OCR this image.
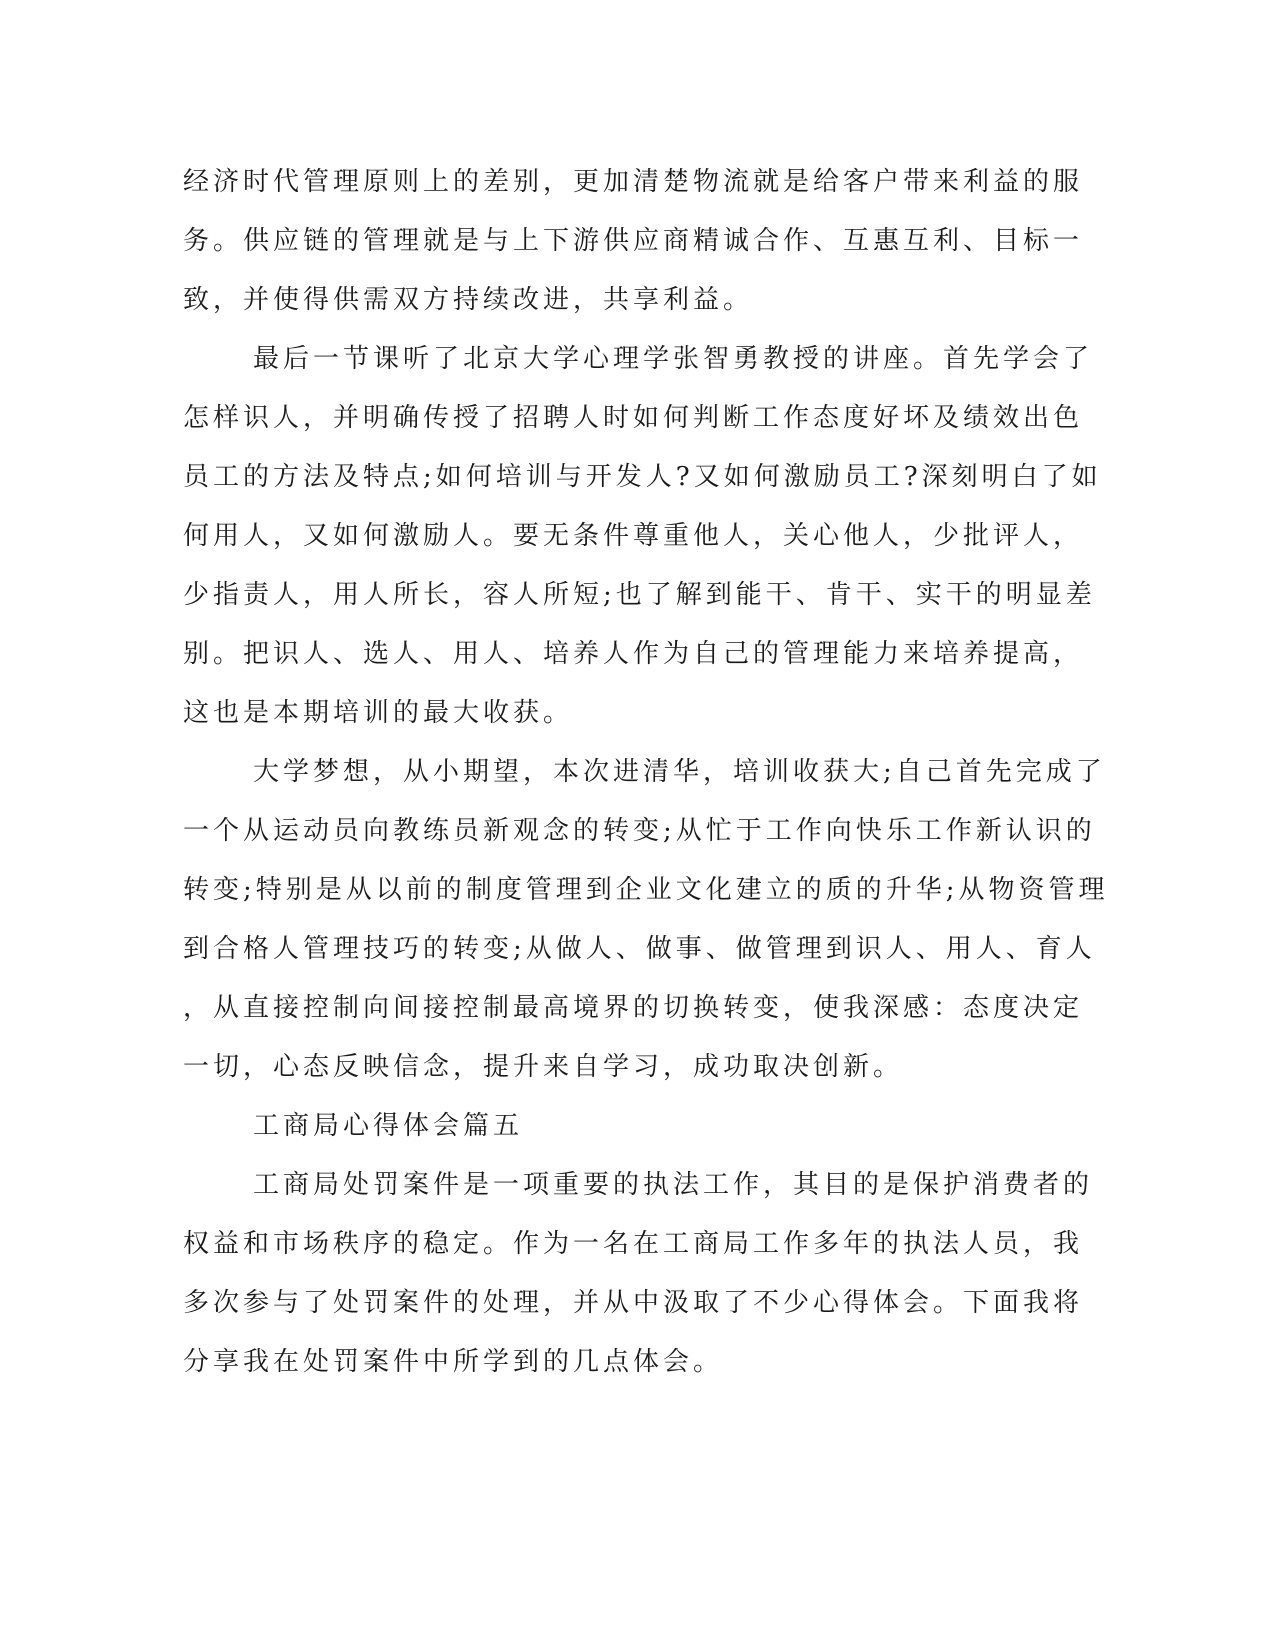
经济时代管理原则上的差别，更加清楚物流就是给客户带来利益的服
务。供应链的管理就是与上下游供应商精诚合作、互惠互利、目标一
致，并使得供需双方持续改进，共享利益。
最后一节课听了北京大学心理学张智勇教授的讲座。首先学会了
怎样识人，并明确传授了招聘人时如何判断工作态度好坏及绩效出色
员工的方法及特点;如何培训与开发人?又如何激励员工?深刻明白了如
何用人，又如何激励人。要无条件尊重他人，关心他人，少批评人，
少指责人，用人所长，容人所短;也了解到能干、肯干、实干的明显差
别。把识人、选人、用人、培养人作为自己的管理能力来培养提高，
这也是本期培训的最大收获。
大学梦想，从小期望，本次进清华，培训收获大;自己首先完成了
一个从运动员向教练员新观念的转变;从忙于工作向快乐工作新认识的
转变;特别是从以前的制度管理到企业文化建立的质的升华;从物资管理
到合格人管理技巧的转变;从做人、做事、做管理到识人、用人、育人
，从直接控制向间接控制最高境界的切换转变，使我深感：态度决定
一切，心态反映信念，提升来自学习，成功取决创新。
工商局心得体会篇五
工商局处罚案件是一项重要的执法工作，其目的是保护消费者的
权益和市场秩序的稳定。作为一名在工商局工作多年的执法人员，我
多次参与了处罚案件的处理，并从中汲取了不少心得体会。下面我将
分享我在处罚案件中所学到的几点体会。
